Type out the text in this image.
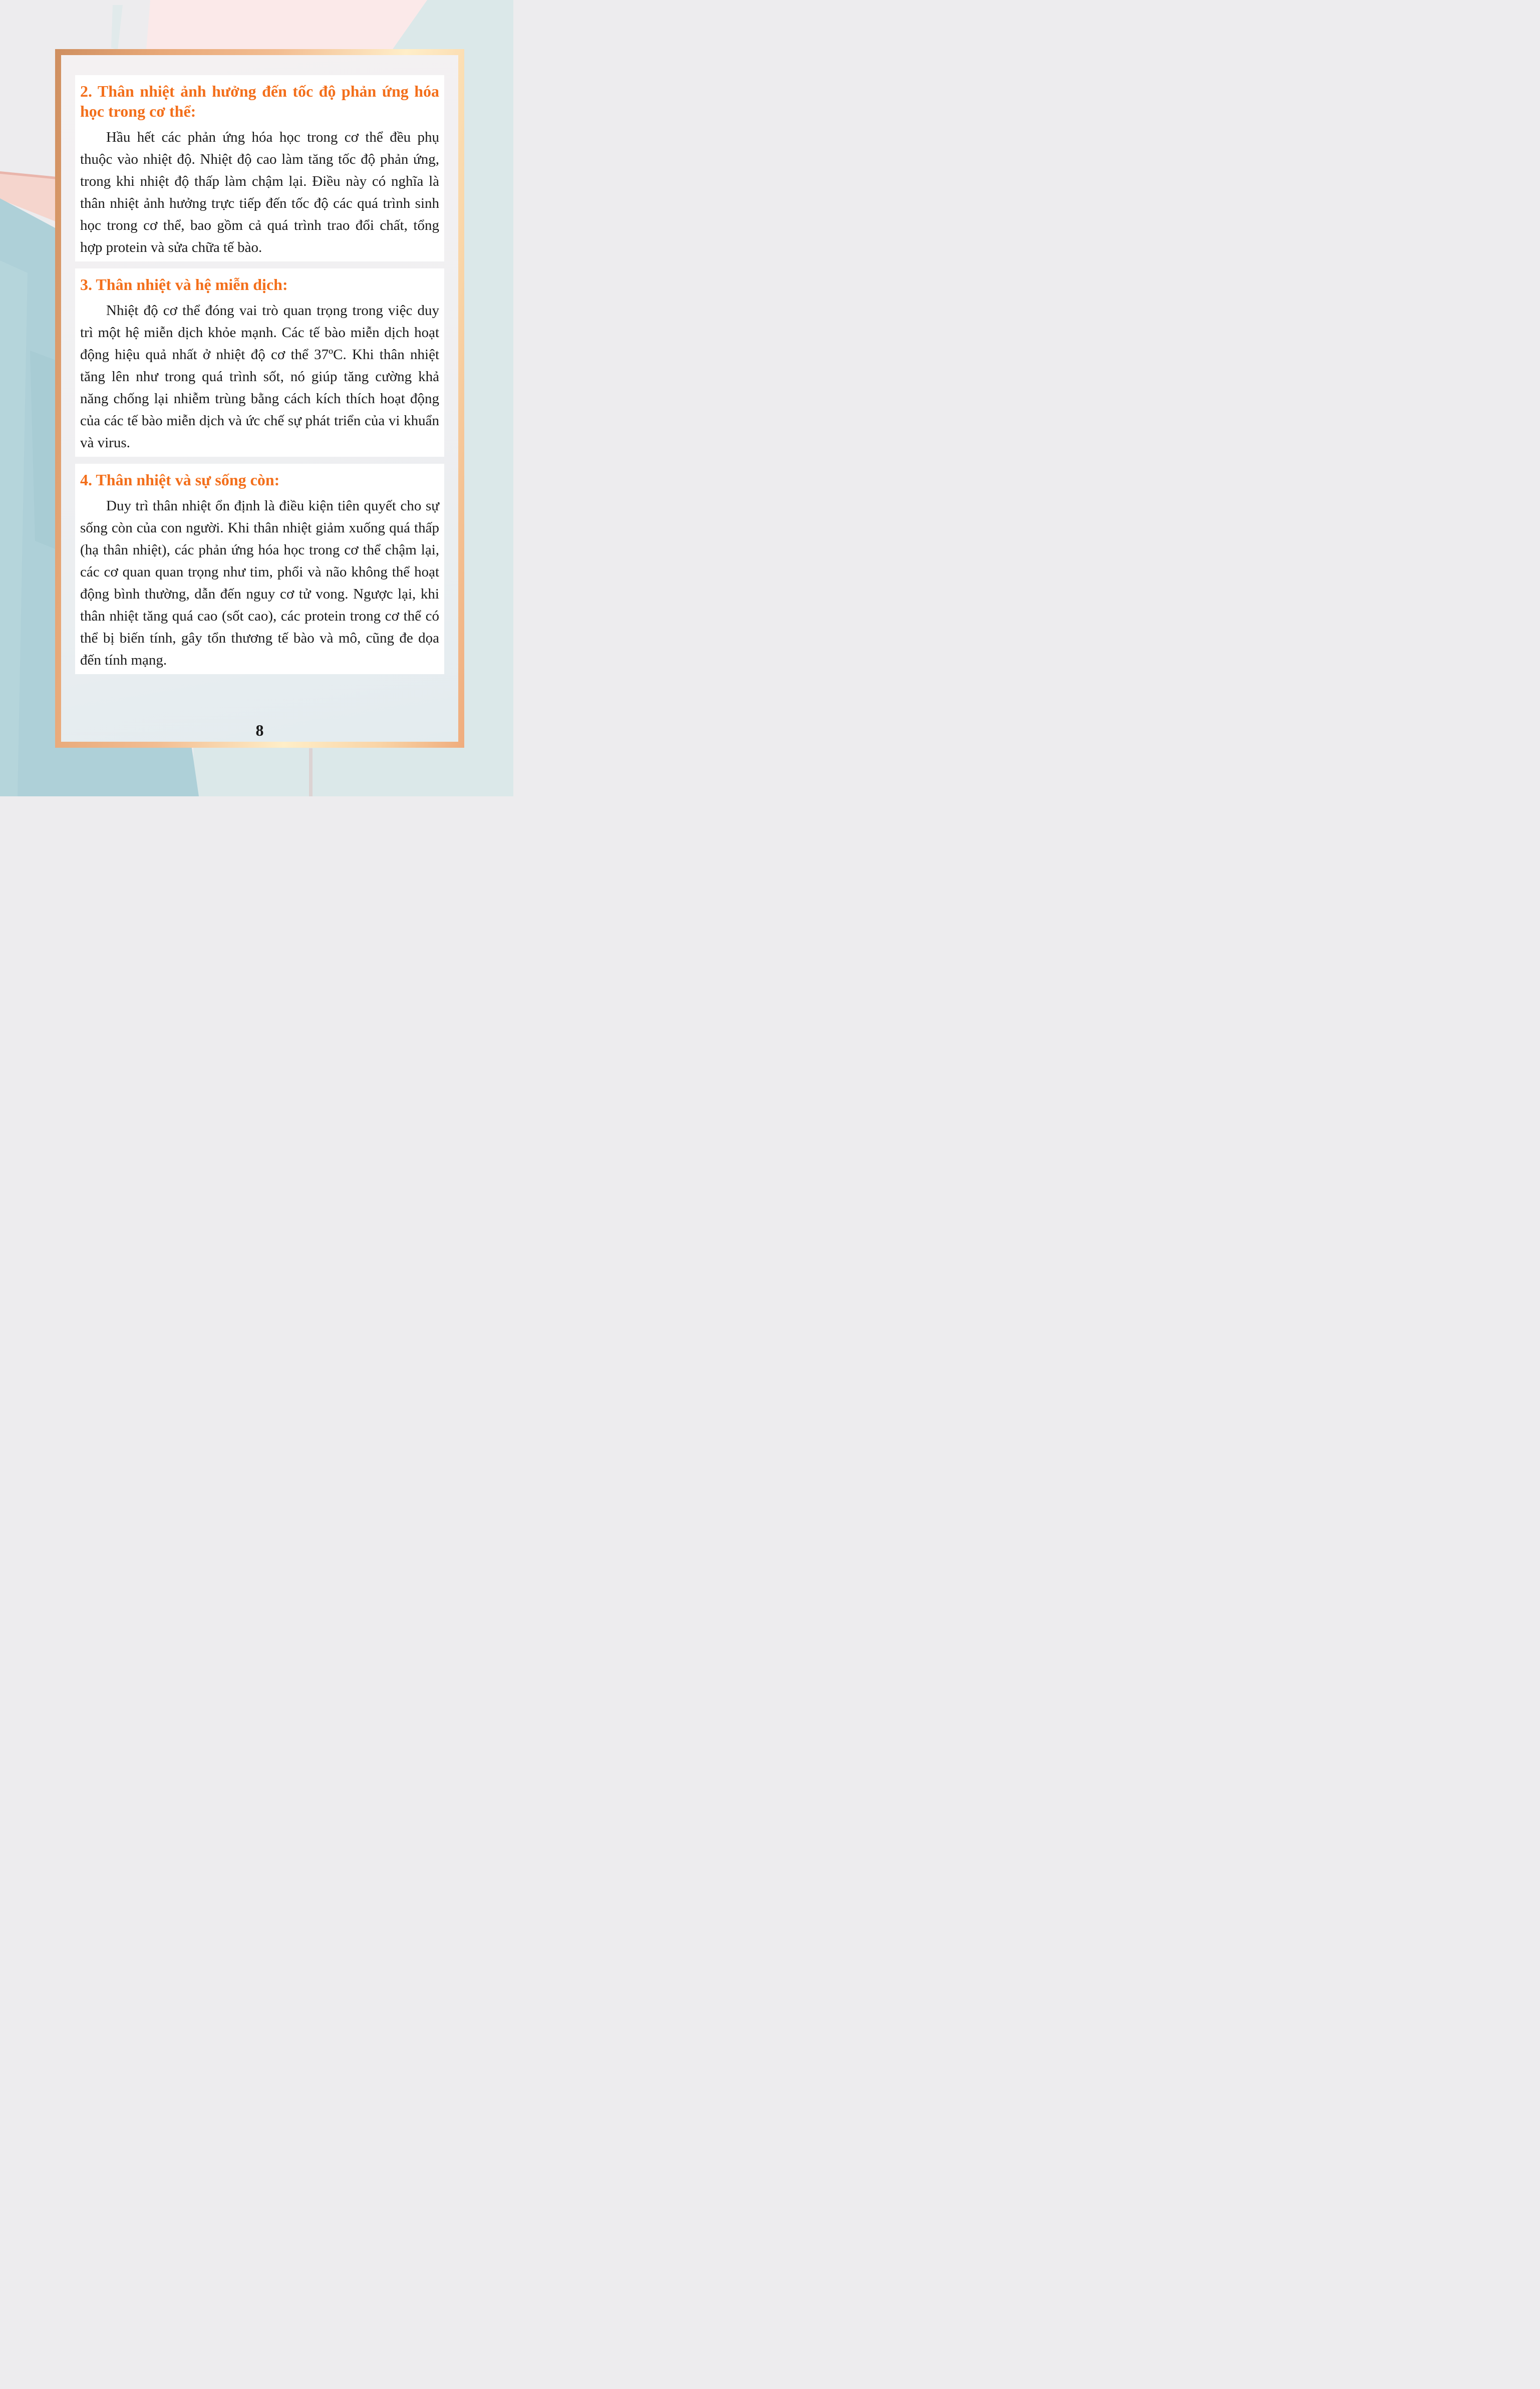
2. Thân nhiệt ảnh hưởng đến tốc độ phản ứng hóa học trong cơ thể:

Hầu hết các phản ứng hóa học trong cơ thể đều phụ thuộc vào nhiệt độ. Nhiệt độ cao làm tăng tốc độ phản ứng, trong khi nhiệt độ thấp làm chậm lại. Điều này có nghĩa là thân nhiệt ảnh hưởng trực tiếp đến tốc độ các quá trình sinh học trong cơ thể, bao gồm cả quá trình trao đổi chất, tổng hợp protein và sửa chữa tế bào.

3. Thân nhiệt và hệ miễn dịch:

Nhiệt độ cơ thể đóng vai trò quan trọng trong việc duy trì một hệ miễn dịch khỏe mạnh. Các tế bào miễn dịch hoạt động hiệu quả nhất ở nhiệt độ cơ thể 37ºC. Khi thân nhiệt tăng lên như trong quá trình sốt, nó giúp tăng cường khả năng chống lại nhiễm trùng bằng cách kích thích hoạt động của các tế bào miễn dịch và ức chế sự phát triển của vi khuẩn và virus.

4. Thân nhiệt và sự sống còn:

Duy trì thân nhiệt ổn định là điều kiện tiên quyết cho sự sống còn của con người. Khi thân nhiệt giảm xuống quá thấp (hạ thân nhiệt), các phản ứng hóa học trong cơ thể chậm lại, các cơ quan quan trọng như tim, phổi và não không thể hoạt động bình thường, dẫn đến nguy cơ tử vong. Ngược lại, khi thân nhiệt tăng quá cao (sốt cao), các protein trong cơ thể có thể bị biến tính, gây tổn thương tế bào và mô, cũng đe dọa đến tính mạng.

8
